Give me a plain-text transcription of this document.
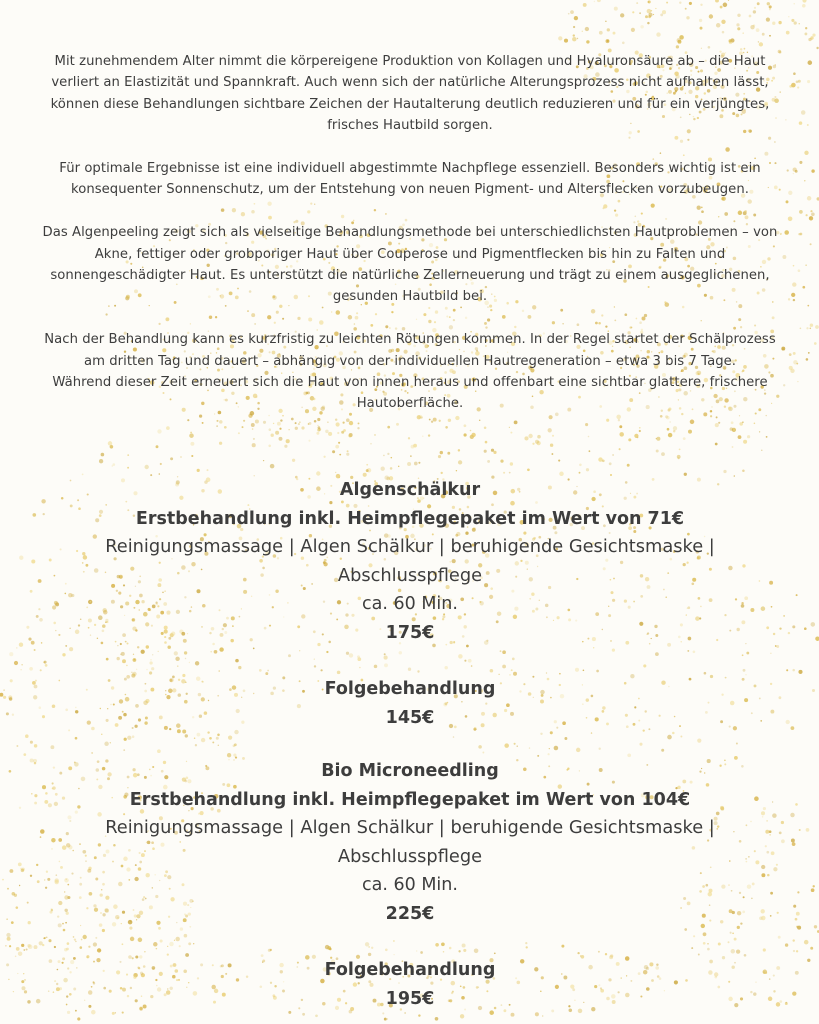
Mit zunehmendem Alter nimmt die körpereigene Produktion von Kollagen und Hyaluronsäure ab – die Haut verliert an Elastizität und Spannkraft. Auch wenn sich der natürliche Alterungsprozess nicht aufhalten lässt, können diese Behandlungen sichtbare Zeichen der Hautalterung deutlich reduzieren und für ein verjüngtes, frisches Hautbild sorgen.

Für optimale Ergebnisse ist eine individuell abgestimmte Nachpflege essenziell. Besonders wichtig ist ein konsequenter Sonnenschutz, um der Entstehung von neuen Pigment- und Altersflecken vorzubeugen.

Das Algenpeeling zeigt sich als vielseitige Behandlungsmethode bei unterschiedlichsten Hautproblemen – von Akne, fettiger oder grobporiger Haut über Couperose und Pigmentflecken bis hin zu Falten und sonnengeschädigter Haut. Es unterstützt die natürliche Zellerneuerung und trägt zu einem ausgeglichenen, gesunden Hautbild bei.

Nach der Behandlung kann es kurzfristig zu leichten Rötungen kommen. In der Regel startet der Schälprozess am dritten Tag und dauert – abhängig von der individuellen Hautregeneration – etwa 3 bis 7 Tage.
Während dieser Zeit erneuert sich die Haut von innen heraus und offenbart eine sichtbar glattere, frischere Hautoberfläche.

Algenschälkur
Erstbehandlung inkl. Heimpflegepaket im Wert von 71€
Reinigungsmassage | Algen Schälkur | beruhigende Gesichtsmaske |
Abschlusspflege
ca. 60 Min.
175€
Folgebehandlung
145€
Bio Microneedling
Erstbehandlung inkl. Heimpflegepaket im Wert von 104€
Reinigungsmassage | Algen Schälkur | beruhigende Gesichtsmaske |
Abschlusspflege
ca. 60 Min.
225€
Folgebehandlung
195€
